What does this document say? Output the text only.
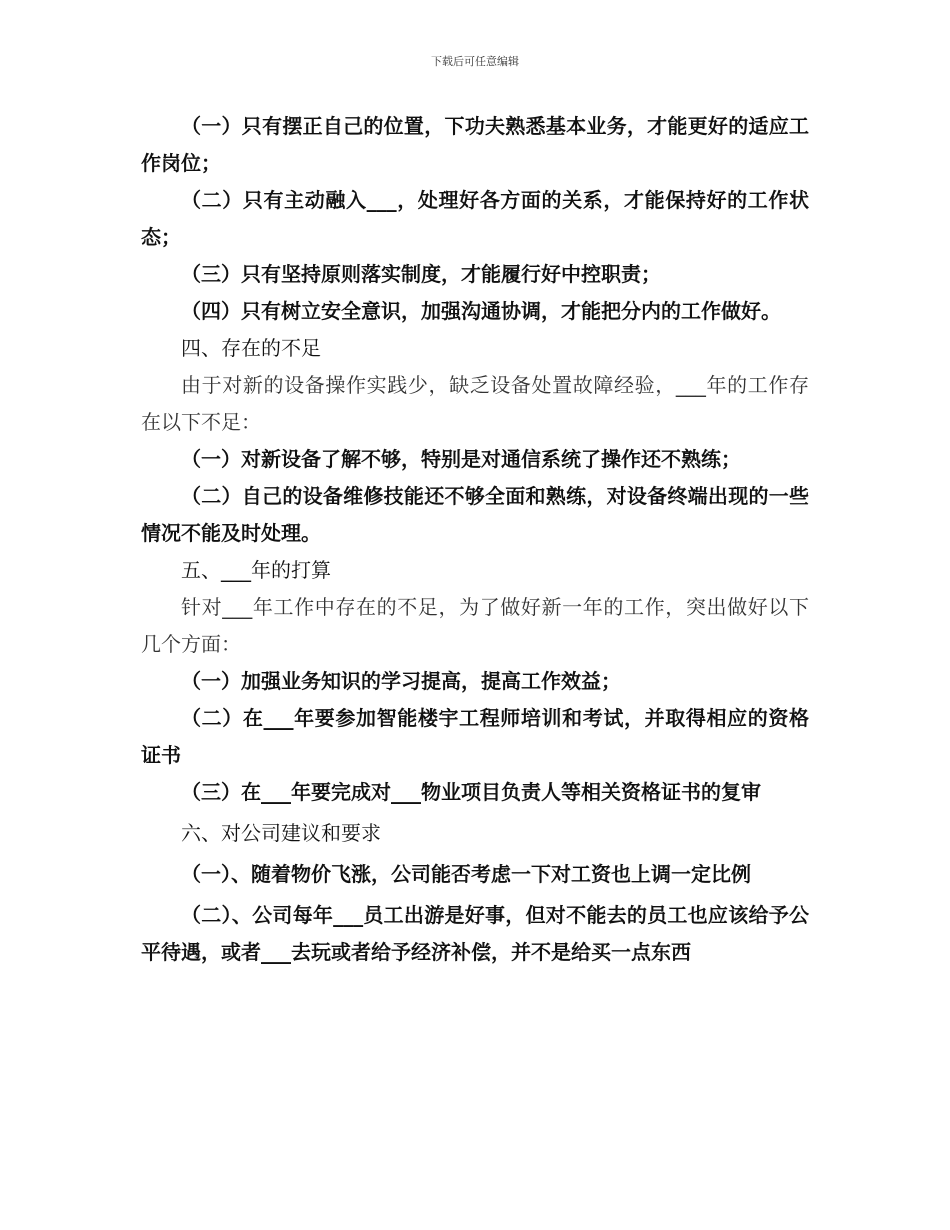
下载后可任意编辑

（一）只有摆正自己的位置，下功夫熟悉基本业务，才能更好的适应工作岗位；

（二）只有主动融入___，处理好各方面的关系，才能保持好的工作状态；

（三）只有坚持原则落实制度，才能履行好中控职责；

（四）只有树立安全意识，加强沟通协调，才能把分内的工作做好。

四、存在的不足

由于对新的设备操作实践少，缺乏设备处置故障经验，___年的工作存在以下不足：

（一）对新设备了解不够，特别是对通信系统了操作还不熟练；

（二）自己的设备维修技能还不够全面和熟练，对设备终端出现的一些情况不能及时处理。

五、___年的打算

针对___年工作中存在的不足，为了做好新一年的工作，突出做好以下几个方面：

（一）加强业务知识的学习提高，提高工作效益；

（二）在___年要参加智能楼宇工程师培训和考试，并取得相应的资格证书

（三）在___年要完成对___物业项目负责人等相关资格证书的复审

六、对公司建议和要求

（一）、随着物价飞涨，公司能否考虑一下对工资也上调一定比例

（二）、公司每年___员工出游是好事，但对不能去的员工也应该给予公平待遇，或者___去玩或者给予经济补偿，并不是给买一点东西
